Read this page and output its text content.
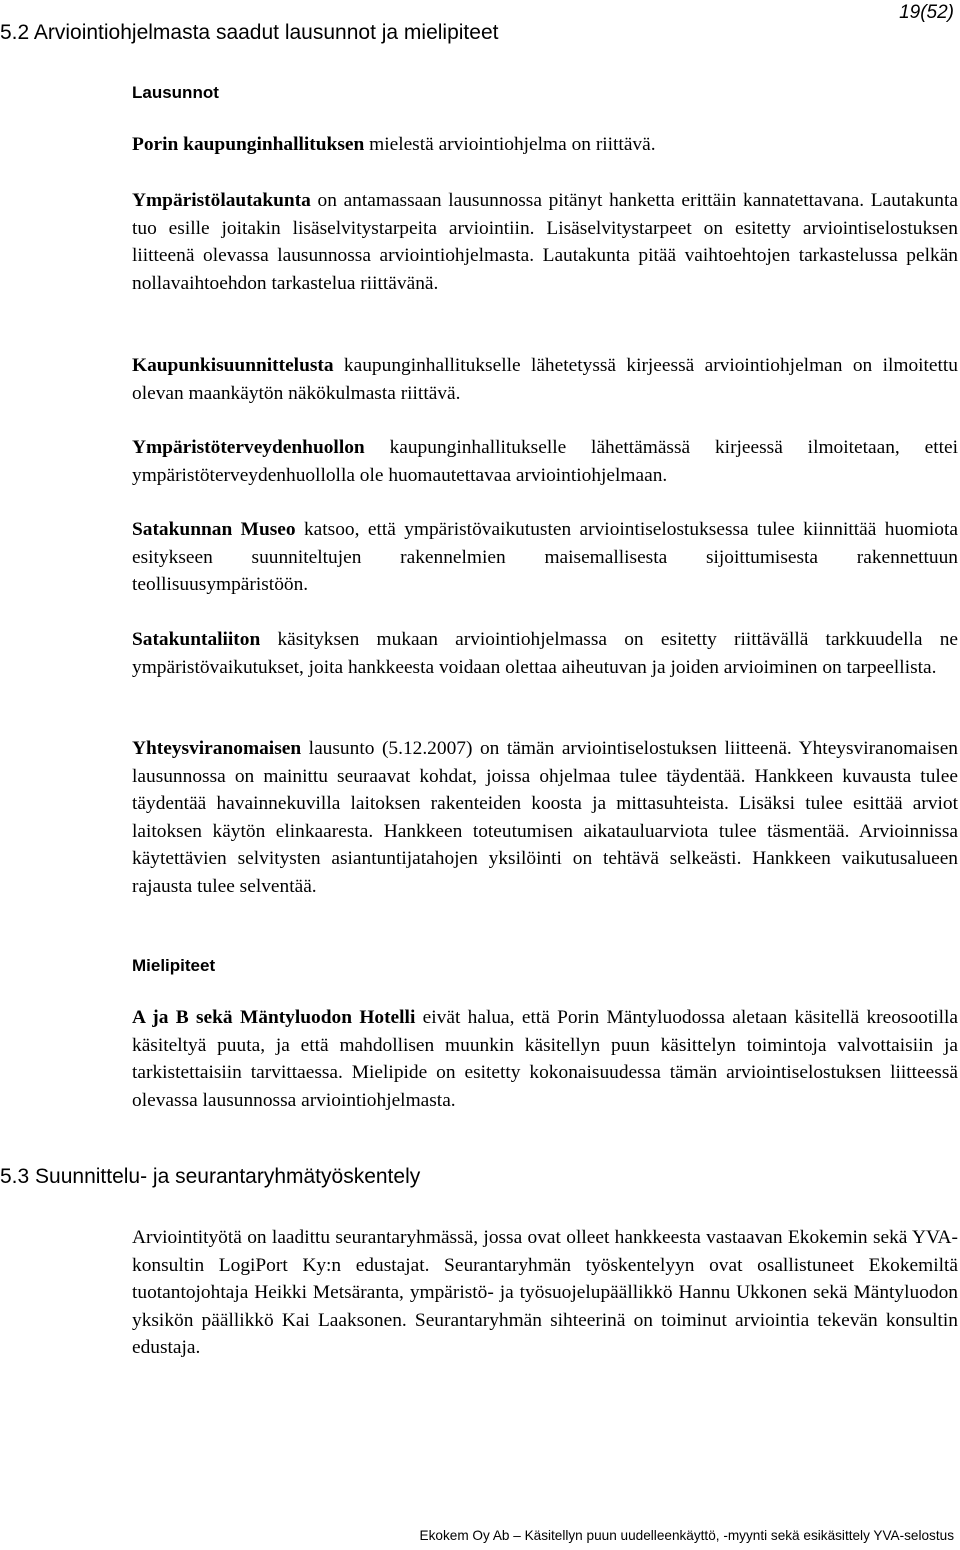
19(52)
5.2 Arviointiohjelmasta saadut lausunnot ja mielipiteet
Lausunnot

Porin kaupunginhallituksen mielestä arviointiohjelma on riittävä.

Ympäristölautakunta on antamassaan lausunnossa pitänyt hanketta erittäin kannatettavana. Lautakunta tuo esille joitakin lisäselvitystarpeita arviointiin. Lisäselvitystarpeet on esitetty arviointiselostuksen liitteenä olevassa lausunnossa arviointiohjelmasta. Lautakunta pitää vaihtoehtojen tarkastelussa pelkän nollavaihtoehdon tarkastelua riittävänä.

Kaupunkisuunnittelusta kaupunginhallitukselle lähetetyssä kirjeessä arviointiohjelman on ilmoitettu olevan maankäytön näkökulmasta riittävä.

Ympäristöterveydenhuollon kaupunginhallitukselle lähettämässä kirjeessä ilmoitetaan, ettei ympäristöterveydenhuollolla ole huomautettavaa arviointiohjelmaan.

Satakunnan Museo katsoo, että ympäristövaikutusten arviointiselostuksessa tulee kiinnittää huomiota esitykseen suunniteltujen rakennelmien maisemallisesta sijoittumisesta rakennettuun teollisuusympäristöön.

Satakuntaliiton käsityksen mukaan arviointiohjelmassa on esitetty riittävällä tarkkuudella ne ympäristövaikutukset, joita hankkeesta voidaan olettaa aiheutuvan ja joiden arvioiminen on tarpeellista.

Yhteysviranomaisen lausunto (5.12.2007) on tämän arviointiselostuksen liitteenä. Yhteysviranomaisen lausunnossa on mainittu seuraavat kohdat, joissa ohjelmaa tulee täydentää. Hankkeen kuvausta tulee täydentää havainnekuvilla laitoksen rakenteiden koosta ja mittasuhteista. Lisäksi tulee esittää arviot laitoksen käytön elinkaaresta. Hankkeen toteutumisen aikatauluarviota tulee täsmentää. Arvioinnissa käytettävien selvitysten asiantuntijatahojen yksilöinti on tehtävä selkeästi. Hankkeen vaikutusalueen rajausta tulee selventää.

Mielipiteet

A ja B sekä Mäntyluodon Hotelli eivät halua, että Porin Mäntyluodossa aletaan käsitellä kreosootilla käsiteltyä puuta, ja että mahdollisen muunkin käsitellyn puun käsittelyn toimintoja valvottaisiin ja tarkistettaisiin tarvittaessa. Mielipide on esitetty kokonaisuudessa tämän arviointiselostuksen liitteessä olevassa lausunnossa arviointiohjelmasta.

5.3 Suunnittelu- ja seurantaryhmätyöskentely

Arviointityötä on laadittu seurantaryhmässä, jossa ovat olleet hankkeesta vastaavan Ekokemin sekä YVA-konsultin LogiPort Ky:n edustajat. Seurantaryhmän työskentelyyn ovat osallistuneet Ekokemiltä tuotantojohtaja Heikki Metsäranta, ympäristö- ja työsuojelupäällikkö Hannu Ukkonen sekä Mäntyluodon yksikön päällikkö Kai Laaksonen. Seurantaryhmän sihteerinä on toiminut arviointia tekevän konsultin edustaja.

Ekokem Oy Ab – Käsitellyn puun uudelleenkäyttö, -myynti sekä esikäsittely YVA-selostus
